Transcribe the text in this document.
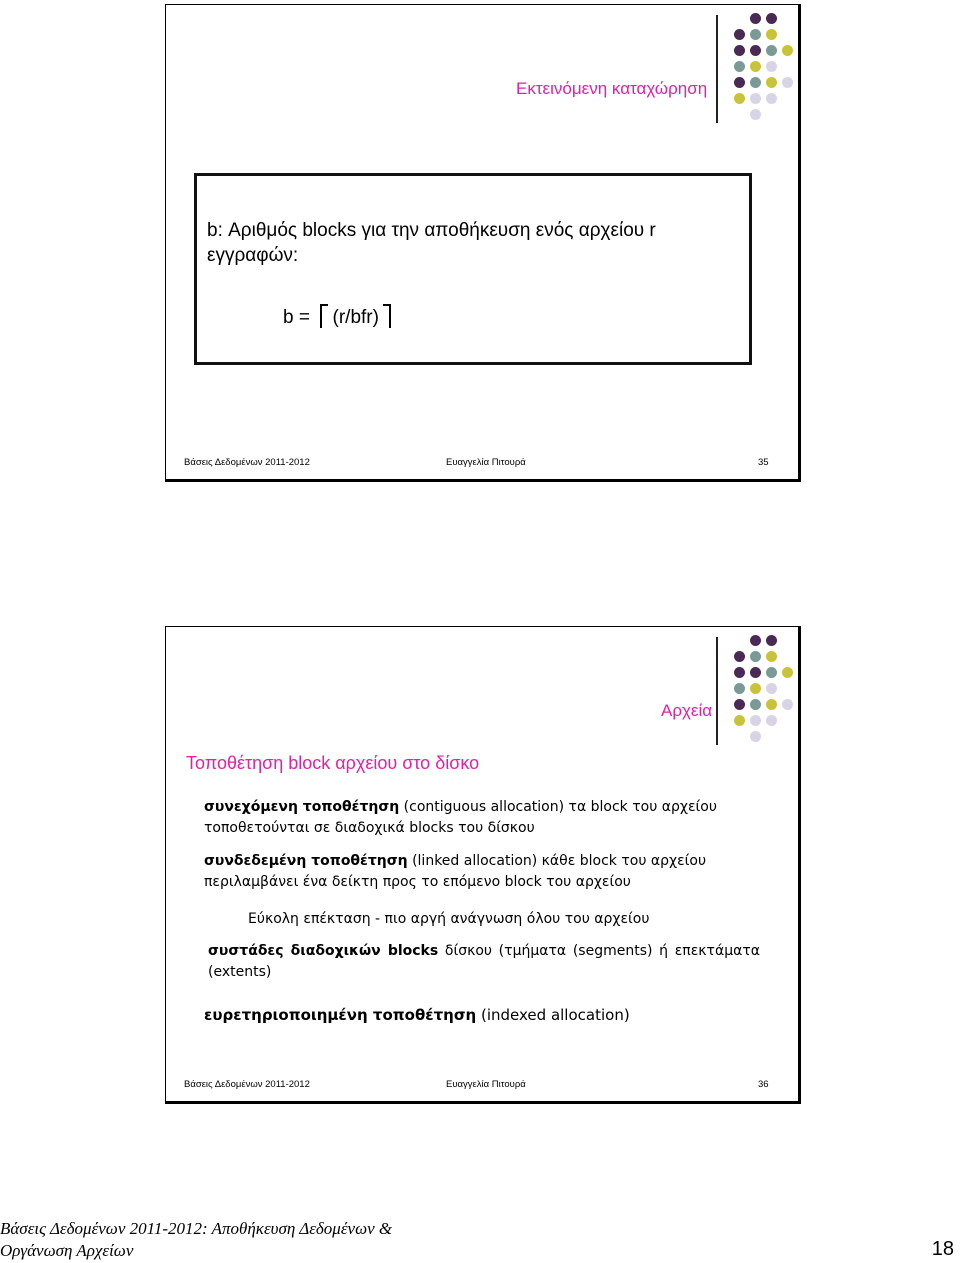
Εκτεινόμενη καταχώρηση
b: Αριθμός blocks για την αποθήκευση ενός αρχείου r εγγραφών:
b = (r/bfr)
Βάσεις Δεδομένων 2011-2012	Ευαγγελία Πιτουρά	35
Αρχεία
Τοποθέτηση block αρχείου στο δίσκο
συνεχόμενη τοποθέτηση (contiguous allocation) τα block του αρχείου τοποθετούνται σε διαδοχικά blocks του δίσκου
συνδεδεμένη τοποθέτηση (linked allocation) κάθε block του αρχείου περιλαμβάνει ένα δείκτη προς το επόμενο block του αρχείου
Εύκολη επέκταση - πιο αργή ανάγνωση όλου του αρχείου
συστάδες διαδοχικών blocks δίσκου (τμήματα (segments) ή επεκτάματα (extents)
ευρετηριοποιημένη τοποθέτηση (indexed allocation)
Βάσεις Δεδομένων 2011-2012	Ευαγγελία Πιτουρά	36
Βάσεις Δεδομένων 2011-2012: Αποθήκευση Δεδομένων &
Οργάνωση Αρχείων	18
